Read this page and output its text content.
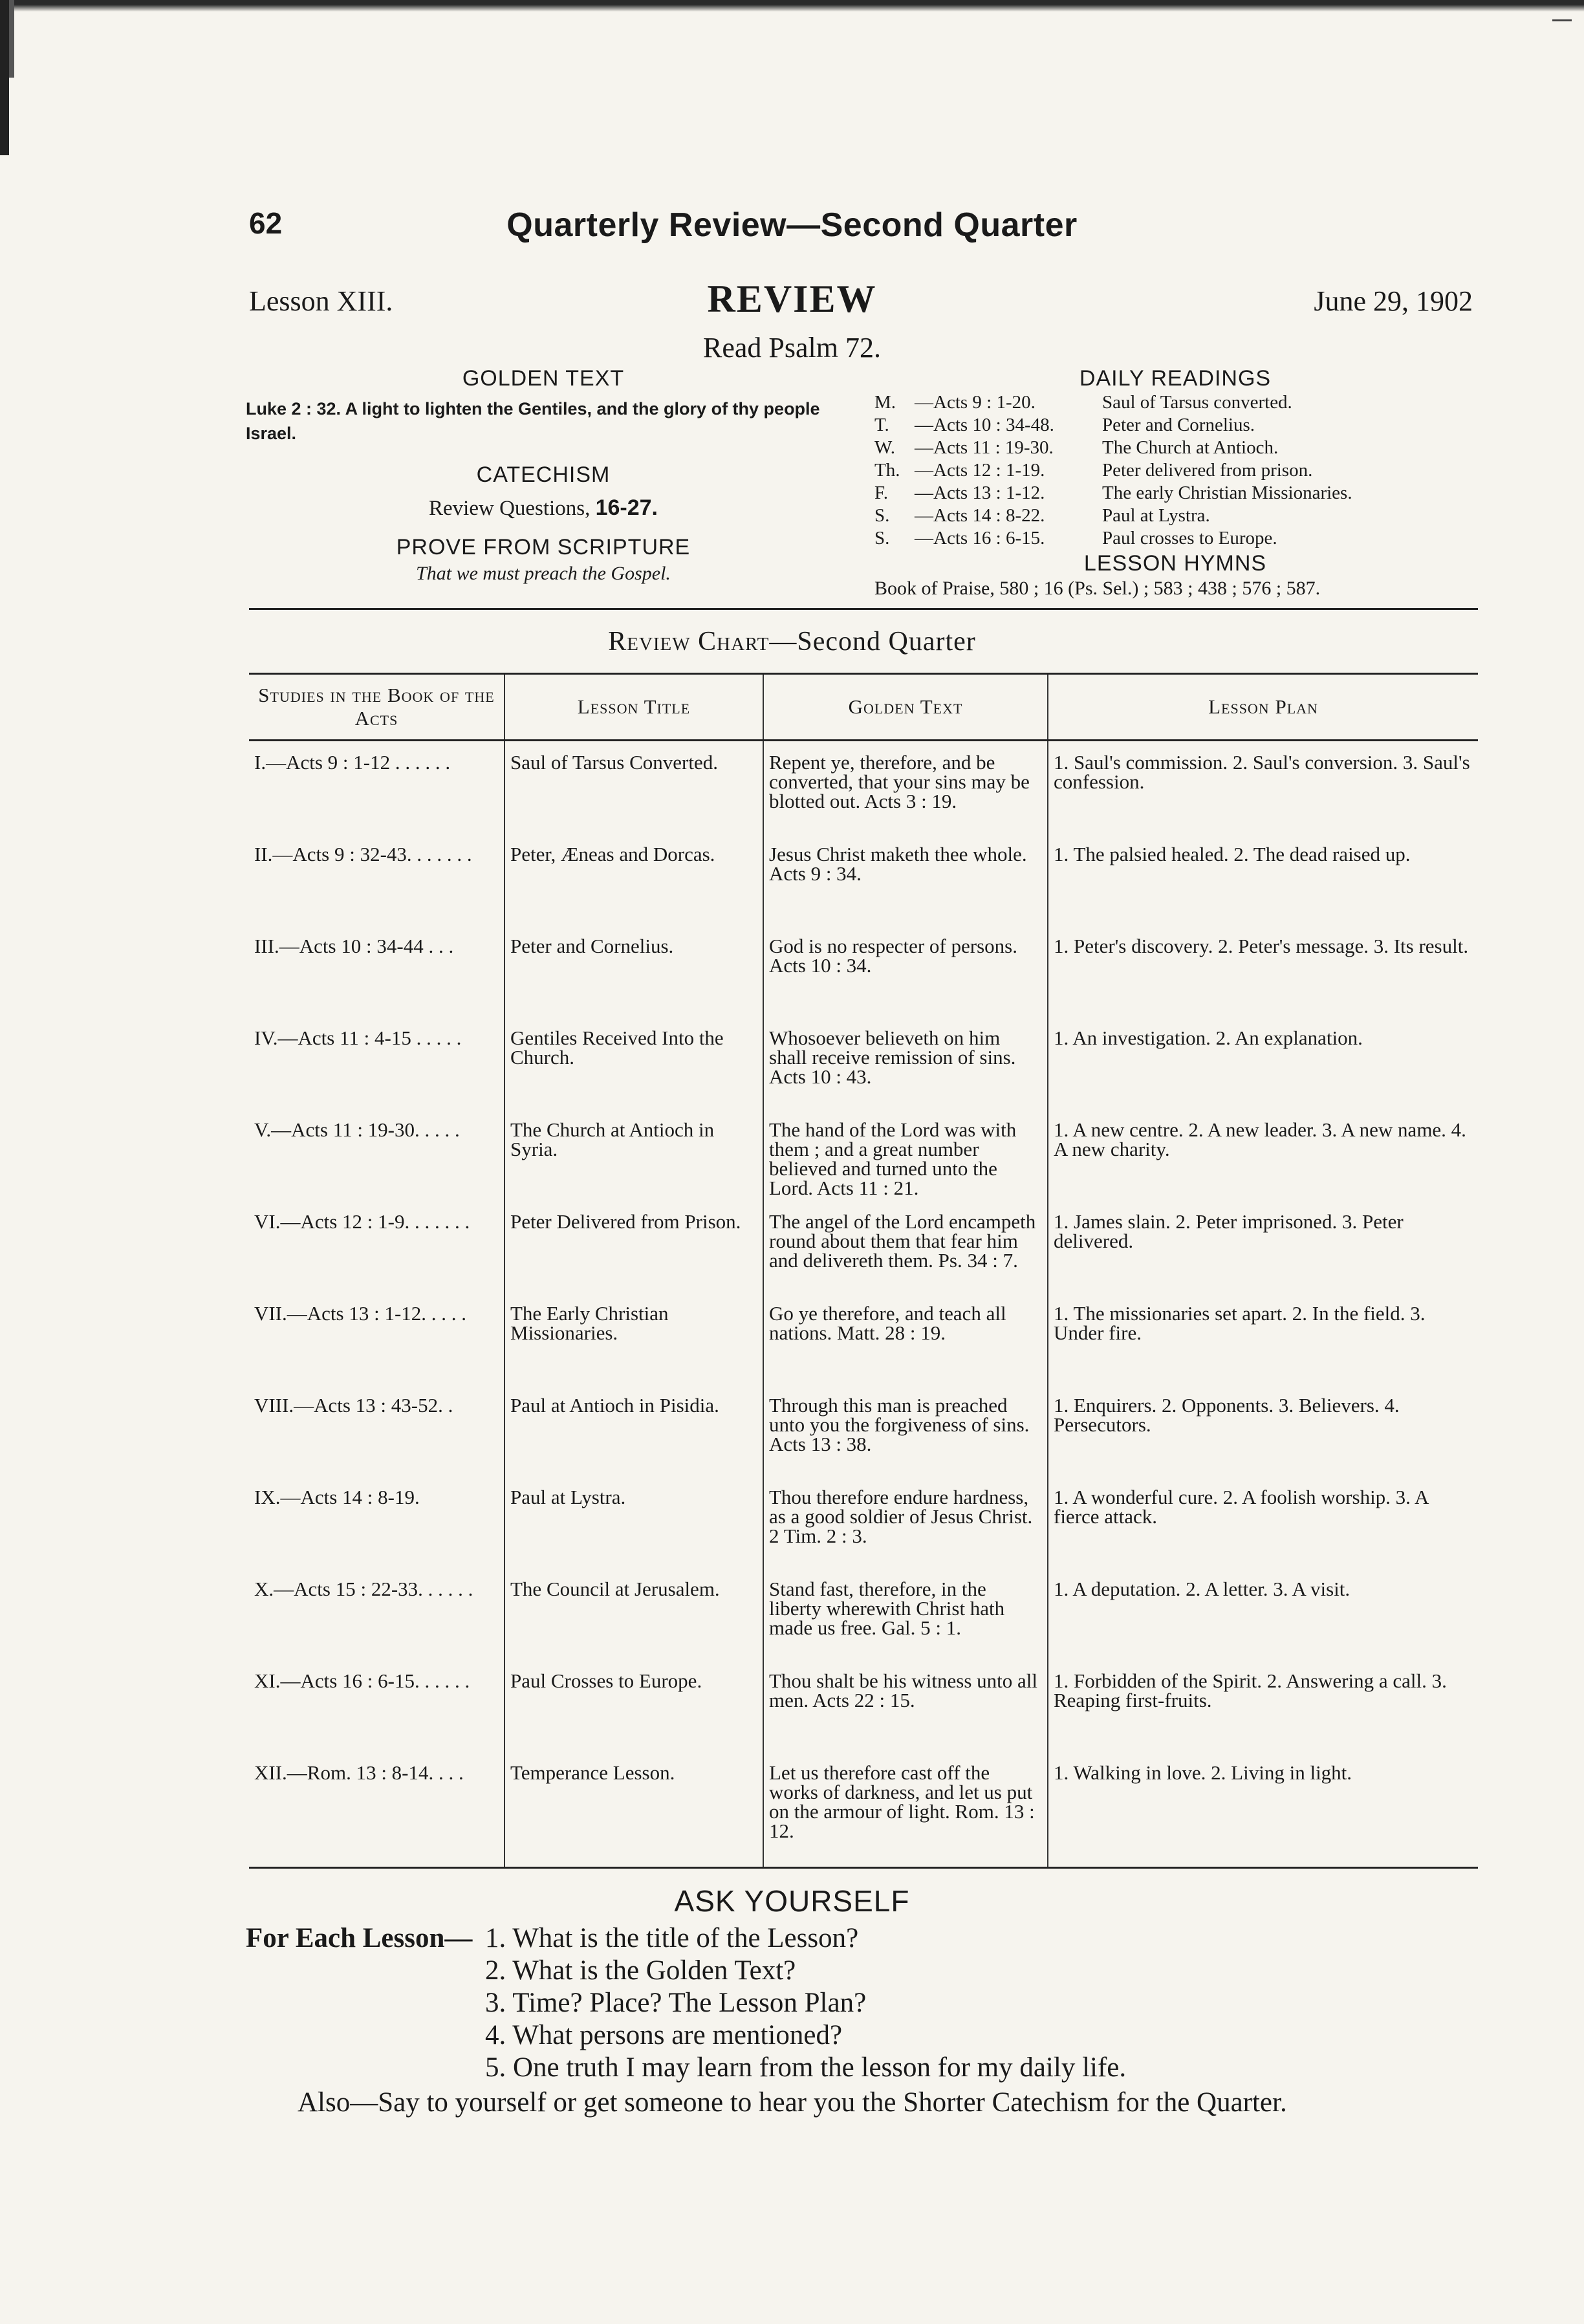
62	Quarterly Review—Second Quarter
Lesson XIII.	REVIEW	June 29, 1902
Read Psalm 72.
GOLDEN TEXT
Luke 2 : 32. A light to lighten the Gentiles, and the glory of thy people Israel.
CATECHISM
Review Questions, 16-27.
PROVE FROM SCRIPTURE
That we must preach the Gospel.
DAILY READINGS
M. —Acts 9 : 1-20.	Saul of Tarsus converted.
T.	—Acts 10 : 34-48.	Peter and Cornelius.
W.	—Acts 11 : 19-30.	The Church at Antioch.
Th. —Acts 12 : 1-19.	Peter delivered from prison.
F.	—Acts 13 : 1-12.	The early Christian Missionaries.
S.	—Acts 14 : 8-22.	Paul at Lystra.
S.	—Acts 16 : 6-15.	Paul crosses to Europe.
LESSON HYMNS
Book of Praise, 580 ; 16 (Ps. Sel.) ; 583 ; 438 ; 576 ; 587.
Review Chart—Second Quarter
Studies in the Book of the Acts	Lesson Title	Golden Text	Lesson Plan
I.—Acts 9 : 1-12 . . . . . .	Saul of Tarsus Converted.	Repent ye, therefore, and be converted, that your sins may be blotted out. Acts 3 : 19.	1. Saul's commission. 2. Saul's conversion. 3. Saul's confession.
II.—Acts 9 : 32-43. . . . . . .	Peter, Æneas and Dorcas.	Jesus Christ maketh thee whole. Acts 9 : 34.	1. The palsied healed. 2. The dead raised up.
III.—Acts 10 : 34-44 . . .	Peter and Cornelius.	God is no respecter of persons. Acts 10 : 34.	1. Peter's discovery. 2. Peter's message. 3. Its result.
IV.—Acts 11 : 4-15 . . . . .	Gentiles Received Into the Church.	Whosoever believeth on him shall receive remission of sins. Acts 10 : 43.	1. An investigation. 2. An explanation.
V.—Acts 11 : 19-30. . . . .	The Church at Antioch in Syria.	The hand of the Lord was with them ; and a great number believed and turned unto the Lord. Acts 11 : 21.	1. A new centre. 2. A new leader. 3. A new name. 4. A new charity.
VI.—Acts 12 : 1-9. . . . . . .	Peter Delivered from Prison.	The angel of the Lord encampeth round about them that fear him and delivereth them. Ps. 34 : 7.	1. James slain. 2. Peter imprisoned. 3. Peter delivered.
VII.—Acts 13 : 1-12. . . . .	The Early Christian Missionaries.	Go ye therefore, and teach all nations. Matt. 28 : 19.	1. The missionaries set apart. 2. In the field. 3. Under fire.
VIII.—Acts 13 : 43-52. .	Paul at Antioch in Pisidia.	Through this man is preached unto you the forgiveness of sins. Acts 13 : 38.	1. Enquirers. 2. Opponents. 3. Believers. 4. Persecutors.
IX.—Acts 14 : 8-19.	Paul at Lystra.	Thou therefore endure hardness, as a good soldier of Jesus Christ. 2 Tim. 2 : 3.	1. A wonderful cure. 2. A foolish worship. 3. A fierce attack.
X.—Acts 15 : 22-33. . . . . .	The Council at Jerusalem.	Stand fast, therefore, in the liberty wherewith Christ hath made us free. Gal. 5 : 1.	1. A deputation. 2. A letter. 3. A visit.
XI.—Acts 16 : 6-15. . . . . .	Paul Crosses to Europe.	Thou shalt be his witness unto all men. Acts 22 : 15.	1. Forbidden of the Spirit. 2. Answering a call. 3. Reaping first-fruits.
XII.—Rom. 13 : 8-14. . . .	Temperance Lesson.	Let us therefore cast off the works of darkness, and let us put on the armour of light. Rom. 13 : 12.	1. Walking in love. 2. Living in light.
ASK YOURSELF
For Each Lesson— 1. What is the title of the Lesson?
2. What is the Golden Text?
3. Time? Place? The Lesson Plan?
4. What persons are mentioned?
5. One truth I may learn from the lesson for my daily life.
Also—Say to yourself or get someone to hear you the Shorter Catechism for the Quarter.
